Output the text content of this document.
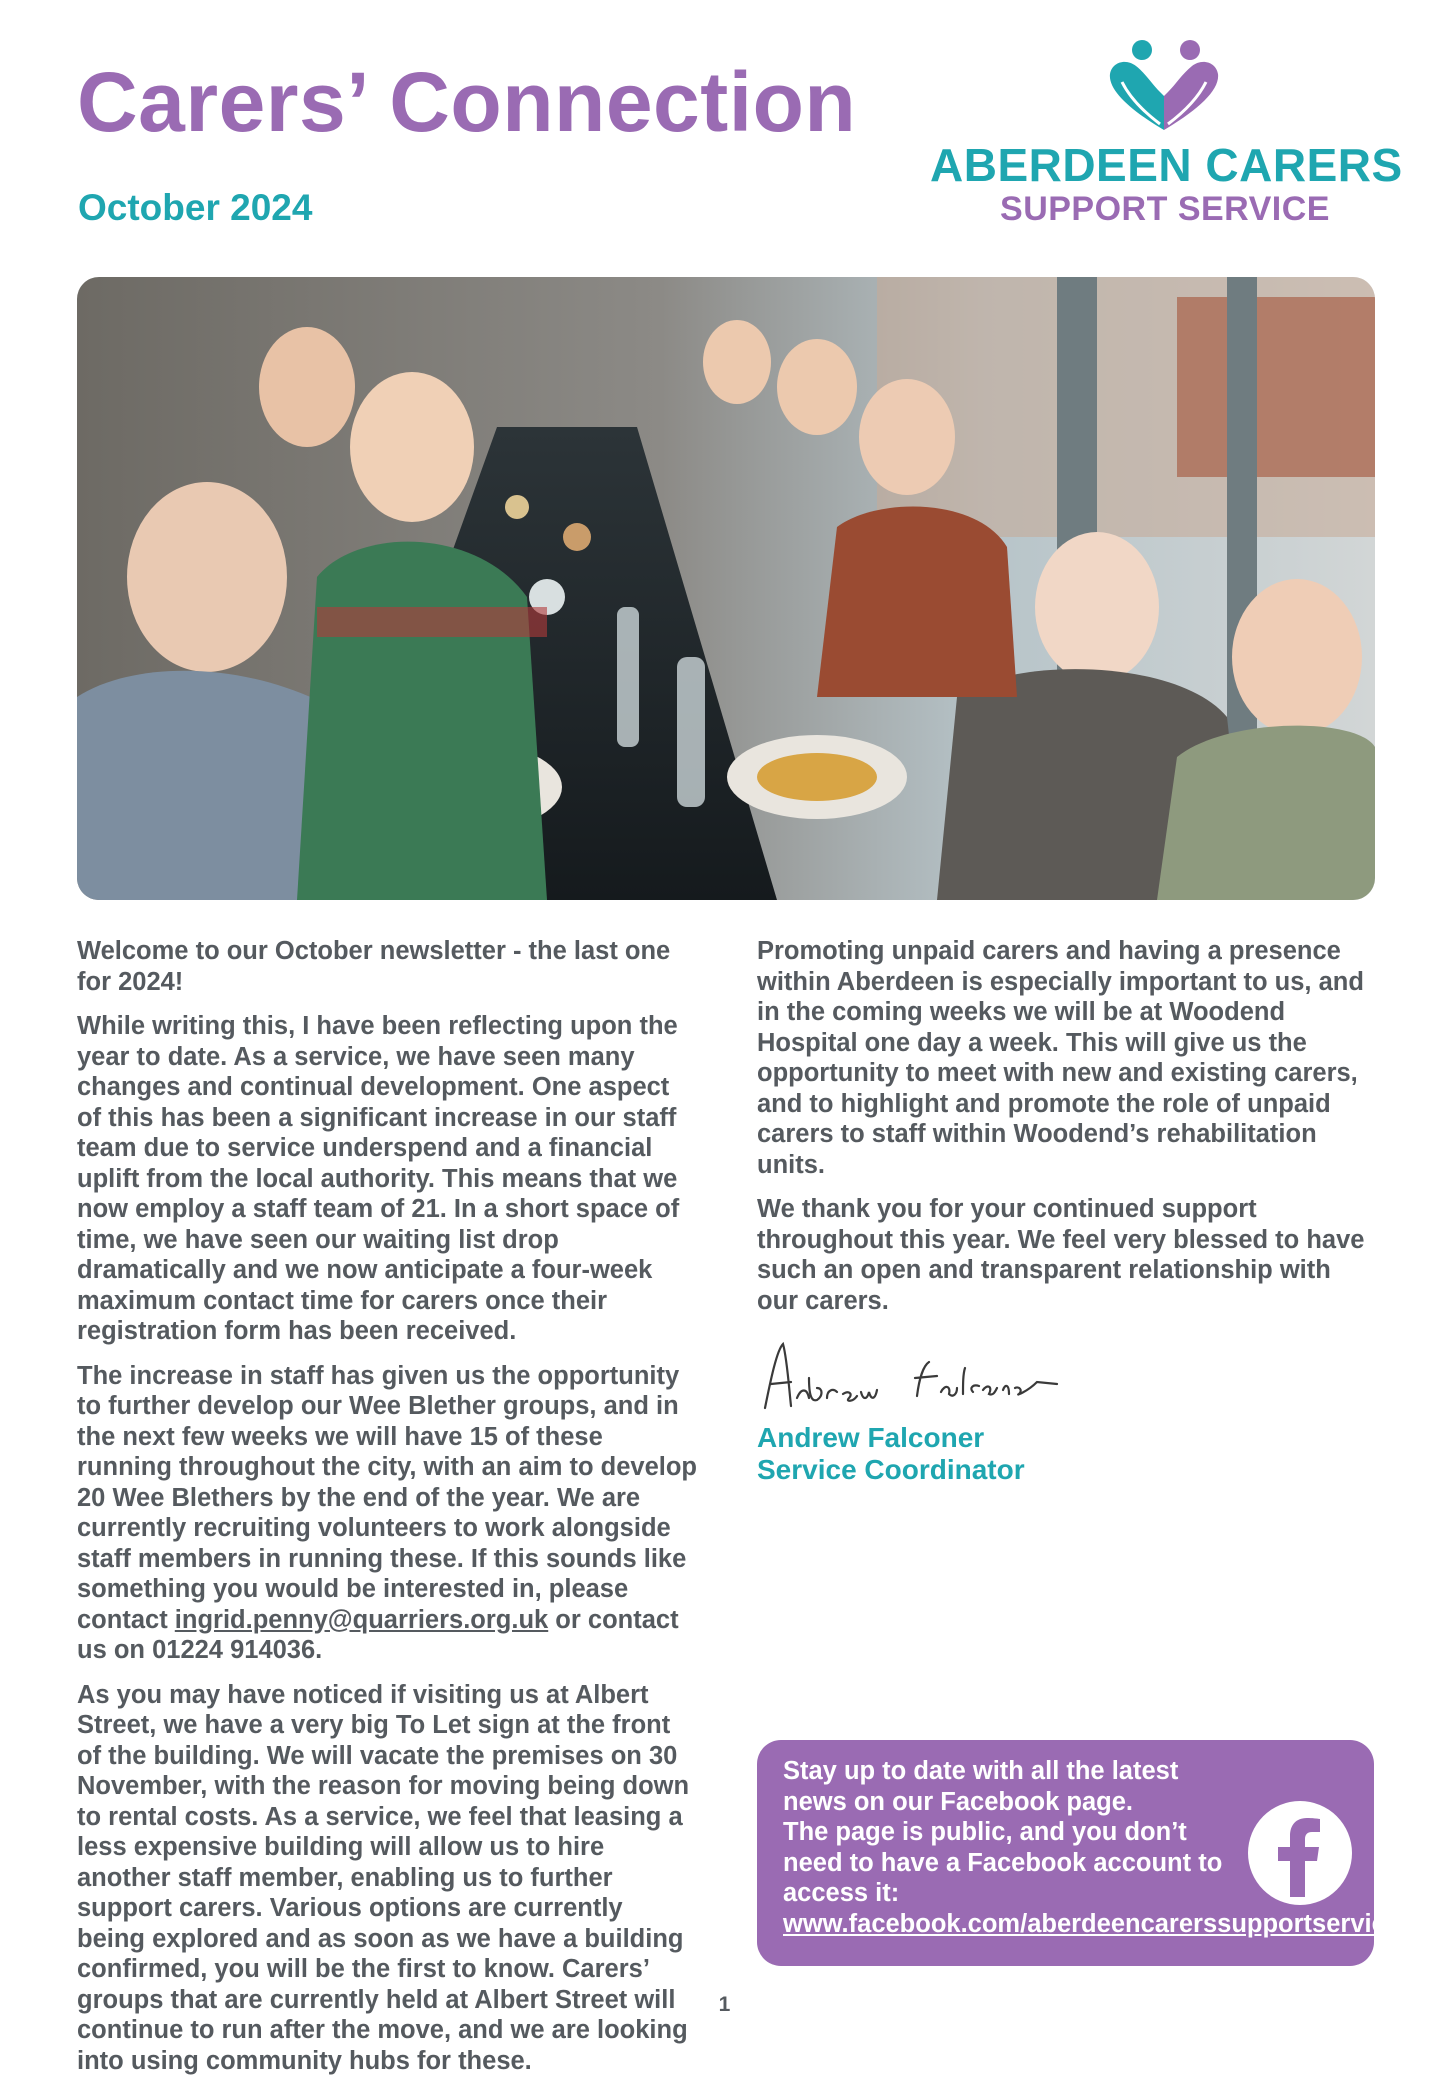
Carers’ Connection
October 2024
ABERDEEN CARERS
SUPPORT SERVICE

Welcome to our October newsletter - the last one for 2024!

While writing this, I have been reflecting upon the year to date. As a service, we have seen many changes and continual development. One aspect of this has been a significant increase in our staff team due to service underspend and a financial uplift from the local authority. This means that we now employ a staff team of 21. In a short space of time, we have seen our waiting list drop dramatically and we now anticipate a four-week maximum contact time for carers once their registration form has been received.

The increase in staff has given us the opportunity to further develop our Wee Blether groups, and in the next few weeks we will have 15 of these running throughout the city, with an aim to develop 20 Wee Blethers by the end of the year. We are currently recruiting volunteers to work alongside staff members in running these. If this sounds like something you would be interested in, please contact ingrid.penny@quarriers.org.uk or contact us on 01224 914036.

As you may have noticed if visiting us at Albert Street, we have a very big To Let sign at the front of the building. We will vacate the premises on 30 November, with the reason for moving being down to rental costs. As a service, we feel that leasing a less expensive building will allow us to hire another staff member, enabling us to further support carers. Various options are currently being explored and as soon as we have a building confirmed, you will be the first to know. Carers’ groups that are currently held at Albert Street will continue to run after the move, and we are looking into using community hubs for these.

Promoting unpaid carers and having a presence within Aberdeen is especially important to us, and in the coming weeks we will be at Woodend Hospital one day a week. This will give us the opportunity to meet with new and existing carers, and to highlight and promote the role of unpaid carers to staff within Woodend’s rehabilitation units.

We thank you for your continued support throughout this year. We feel very blessed to have such an open and transparent relationship with our carers.

Andrew Falconer
Service Coordinator

Stay up to date with all the latest news on our Facebook page.

The page is public, and you don’t need to have a Facebook account to access it: www.facebook.com/aberdeencarerssupportservice

1
